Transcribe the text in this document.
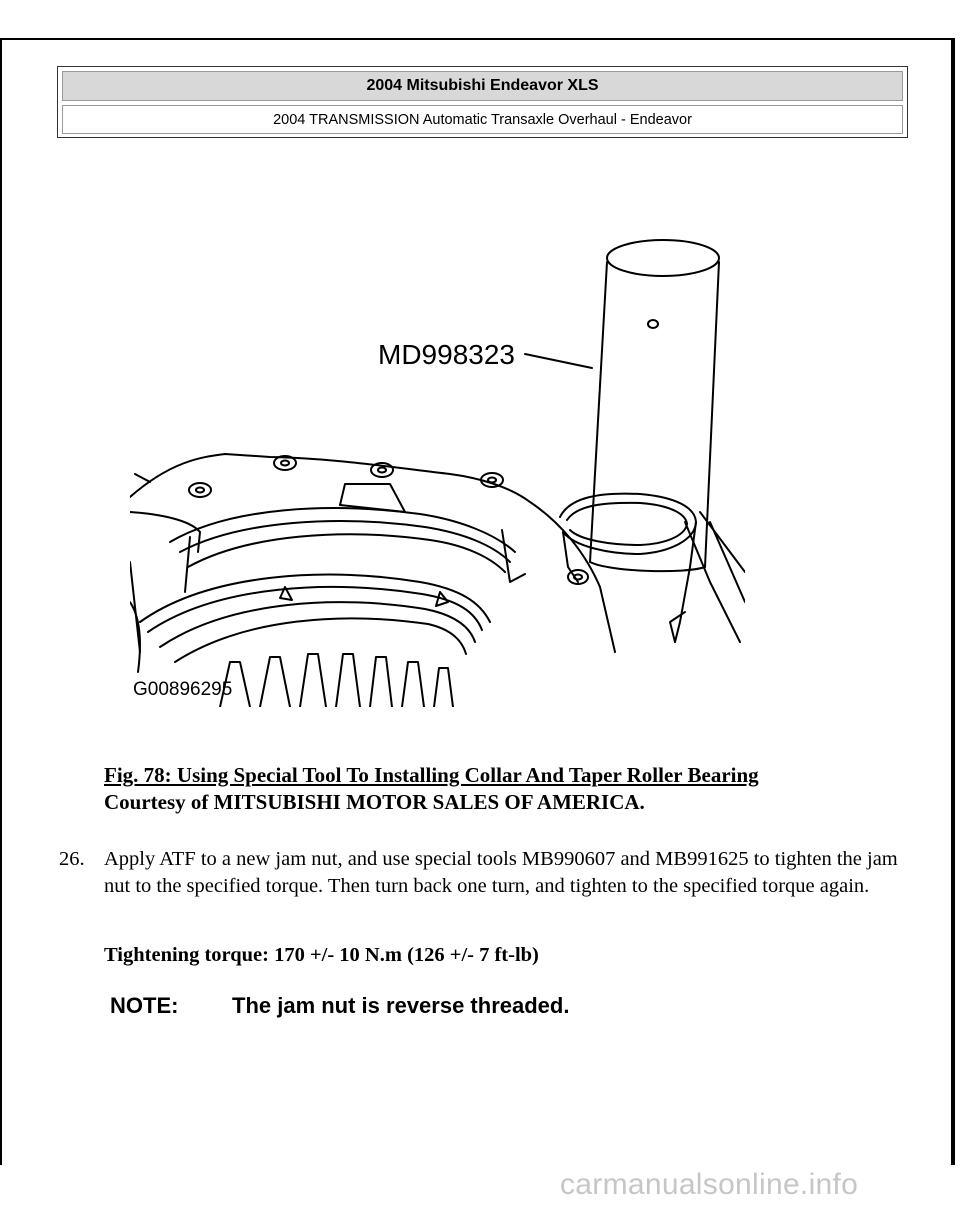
2004 Mitsubishi Endeavor XLS
2004 TRANSMISSION Automatic Transaxle Overhaul - Endeavor
MD998323
G00896295
Fig. 78: Using Special Tool To Installing Collar And Taper Roller Bearing
Courtesy of MITSUBISHI MOTOR SALES OF AMERICA.
26. Apply ATF to a new jam nut, and use special tools MB990607 and MB991625 to tighten the jam nut to the specified torque. Then turn back one turn, and tighten to the specified torque again.
Tightening torque: 170 +/- 10 N.m (126 +/- 7 ft-lb)
NOTE: The jam nut is reverse threaded.
carmanualsonline.info
